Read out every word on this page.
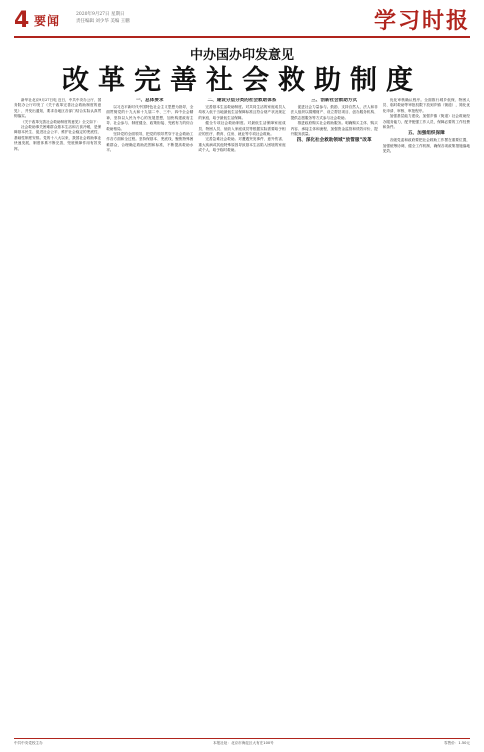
4 要闻	2020年9月27日 星期日
责任编辑 刘少华 美编 王鹏	学习时报
中办国办印发意见
改革完善社会救助制度

新华社北京9月27日电 近日，中共中央办公厅、国务院办公厅印发了《关于改革完善社会救助制度的意见》，并发出通知，要求各地区各部门结合实际认真贯彻落实。

《关于改革完善社会救助制度的意见》全文如下：

社会救助事关困难群众基本生活和衣食冷暖，是保障基本民生、促进社会公平、维护社会稳定的兜底性、基础性制度安排。党的十八大以来，我国社会救助事业快速发展，制度体系不断完善，兜底保障作用有效发挥。

一、总体要求

以习近平新时代中国特色社会主义思想为指导，全面贯彻党的十九大和十九届二中、三中、四中全会精神，坚持以人民为中心的发展思想，加快构建政府主导、社会参与、制度健全、政策衔接、兜底有力的综合救助格局。

坚持党的全面领导，把党的领导贯穿于社会救助工作各方面和全过程。坚持保基本、兜底线，聚焦特殊困难群众，合理确定救助范围和标准，不断提高救助水平。

二、建设分层分类的社会救助体系

完善基本生活救助制度。对共同生活的家庭成员人均收入低于当地最低生活保障标准且符合财产状况规定的家庭，给予最低生活保障。

健全专项社会救助制度。对最低生活保障家庭成员、特困人员、低收入家庭成员等根据实际需要给予相应的医疗、教育、住房、就业等专项社会救助。

完善急难社会救助。对遭遇突发事件、意外伤害、重大疾病或其他特殊原因导致基本生活陷入困境的家庭或个人，给予临时救助。

三、创新社会救助方式

促进社会力量参与。鼓励、支持自然人、法人和非法人组织以捐赠财产、设立帮扶项目、创办服务机构、提供志愿服务等方式参与社会救助。

推进政府购买社会救助服务。明确购买主体、购买内容、承接主体和流程，加强资金监管和绩效评价，提升服务质量。

四、深化社会救助领域“放管服”改革

优化审核确认程序。全面推行城乡低保、特困人员、临时救助等审批权限下放到乡镇（街道），简化优化申请、审核、审批程序。

加强基层能力建设。加强乡镇（街道）社会救助经办服务能力，配齐配强工作人员，保障必要的工作经费和条件。

五、加强组织保障

各级党委和政府要把社会救助工作摆在重要位置，加强统筹协调，健全工作机制，确保各项政策措施落地见效。

中共中央党校主办	本报社址：北京市海淀区大有庄100号	零售价：1.50元
